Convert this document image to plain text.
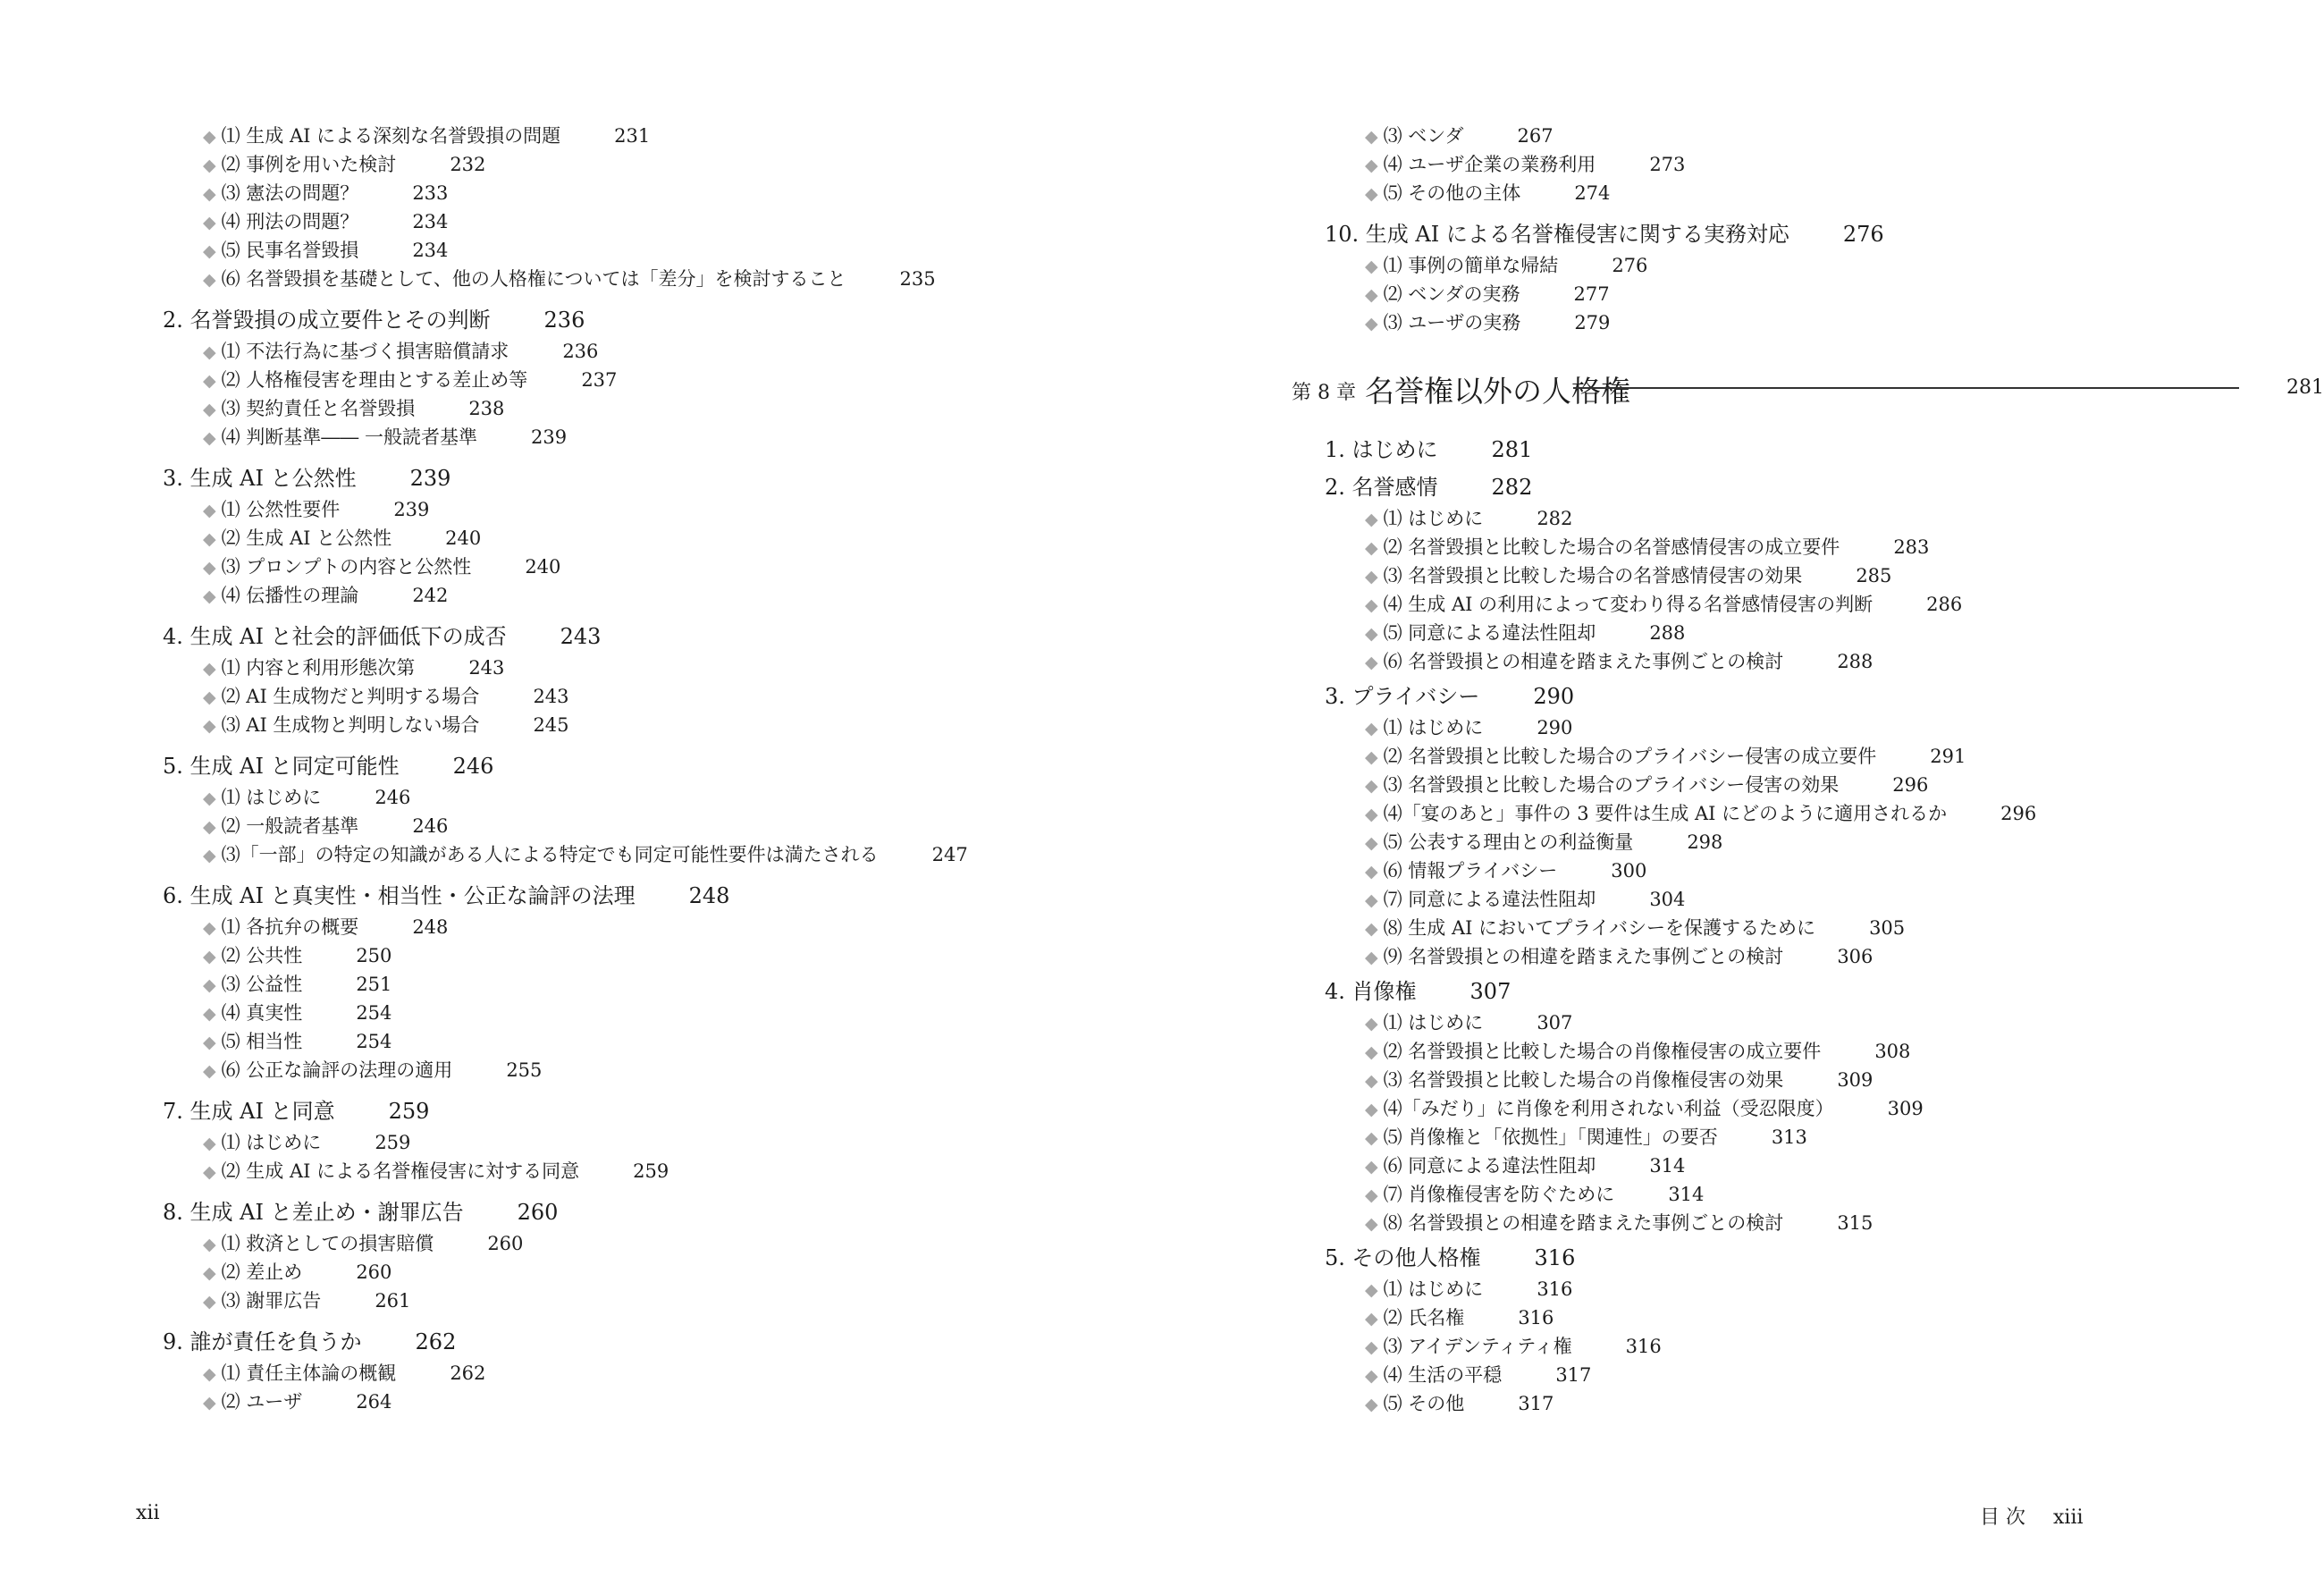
◆ ⑴ 生成 AI による深刻な名誉毀損の問題	231
◆ ⑵ 事例を用いた検討	232
◆ ⑶ 憲法の問題？	233
◆ ⑷ 刑法の問題？	234
◆ ⑸ 民事名誉毀損	234
◆ ⑹ 名誉毀損を基礎として、他の人格権については「差分」を検討すること	235
2. 名誉毀損の成立要件とその判断	236
◆ ⑴ 不法行為に基づく損害賠償請求	236
◆ ⑵ 人格権侵害を理由とする差止め等	237
◆ ⑶ 契約責任と名誉毀損	238
◆ ⑷ 判断基準―― 一般読者基準	239
3. 生成 AI と公然性	239
◆ ⑴ 公然性要件	239
◆ ⑵ 生成 AI と公然性	240
◆ ⑶ プロンプトの内容と公然性	240
◆ ⑷ 伝播性の理論	242
4. 生成 AI と社会的評価低下の成否	243
◆ ⑴ 内容と利用形態次第	243
◆ ⑵ AI 生成物だと判明する場合	243
◆ ⑶ AI 生成物と判明しない場合	245
5. 生成 AI と同定可能性	246
◆ ⑴ はじめに	246
◆ ⑵ 一般読者基準	246
◆ ⑶「一部」の特定の知識がある人による特定でも同定可能性要件は満たされる	247
6. 生成 AI と真実性・相当性・公正な論評の法理	248
◆ ⑴ 各抗弁の概要	248
◆ ⑵ 公共性	250
◆ ⑶ 公益性	251
◆ ⑷ 真実性	254
◆ ⑸ 相当性	254
◆ ⑹ 公正な論評の法理の適用	255
7. 生成 AI と同意	259
◆ ⑴ はじめに	259
◆ ⑵ 生成 AI による名誉権侵害に対する同意	259
8. 生成 AI と差止め・謝罪広告	260
◆ ⑴ 救済としての損害賠償	260
◆ ⑵ 差止め	260
◆ ⑶ 謝罪広告	261
9. 誰が責任を負うか	262
◆ ⑴ 責任主体論の概観	262
◆ ⑵ ユーザ	264
xii
◆ ⑶ ベンダ	267
◆ ⑷ ユーザ企業の業務利用	273
◆ ⑸ その他の主体	274
10. 生成 AI による名誉権侵害に関する実務対応	276
◆ ⑴ 事例の簡単な帰結	276
◆ ⑵ ベンダの実務	277
◆ ⑶ ユーザの実務	279
1. はじめに	281
2. 名誉感情	282
◆ ⑴ はじめに	282
◆ ⑵ 名誉毀損と比較した場合の名誉感情侵害の成立要件	283
◆ ⑶ 名誉毀損と比較した場合の名誉感情侵害の効果	285
◆ ⑷ 生成 AI の利用によって変わり得る名誉感情侵害の判断	286
◆ ⑸ 同意による違法性阻却	288
◆ ⑹ 名誉毀損との相違を踏まえた事例ごとの検討	288
3. プライバシー	290
◆ ⑴ はじめに	290
◆ ⑵ 名誉毀損と比較した場合のプライバシー侵害の成立要件	291
◆ ⑶ 名誉毀損と比較した場合のプライバシー侵害の効果	296
◆ ⑷「宴のあと」事件の 3 要件は生成 AI にどのように適用されるか	296
◆ ⑸ 公表する理由との利益衡量	298
◆ ⑹ 情報プライバシー	300
◆ ⑺ 同意による違法性阻却	304
◆ ⑻ 生成 AI においてプライバシーを保護するために	305
◆ ⑼ 名誉毀損との相違を踏まえた事例ごとの検討	306
4. 肖像権	307
◆ ⑴ はじめに	307
◆ ⑵ 名誉毀損と比較した場合の肖像権侵害の成立要件	308
◆ ⑶ 名誉毀損と比較した場合の肖像権侵害の効果	309
◆ ⑷「みだり」に肖像を利用されない利益（受忍限度）	309
◆ ⑸ 肖像権と「依拠性」「関連性」の要否	313
◆ ⑹ 同意による違法性阻却	314
◆ ⑺ 肖像権侵害を防ぐために	314
◆ ⑻ 名誉毀損との相違を踏まえた事例ごとの検討	315
5. その他人格権	316
◆ ⑴ はじめに	316
◆ ⑵ 氏名権	316
◆ ⑶ アイデンティティ権	316
◆ ⑷ 生活の平穏	317
◆ ⑸ その他	317
第 8 章 名誉権以外の人格権	281
目 次 xiii
